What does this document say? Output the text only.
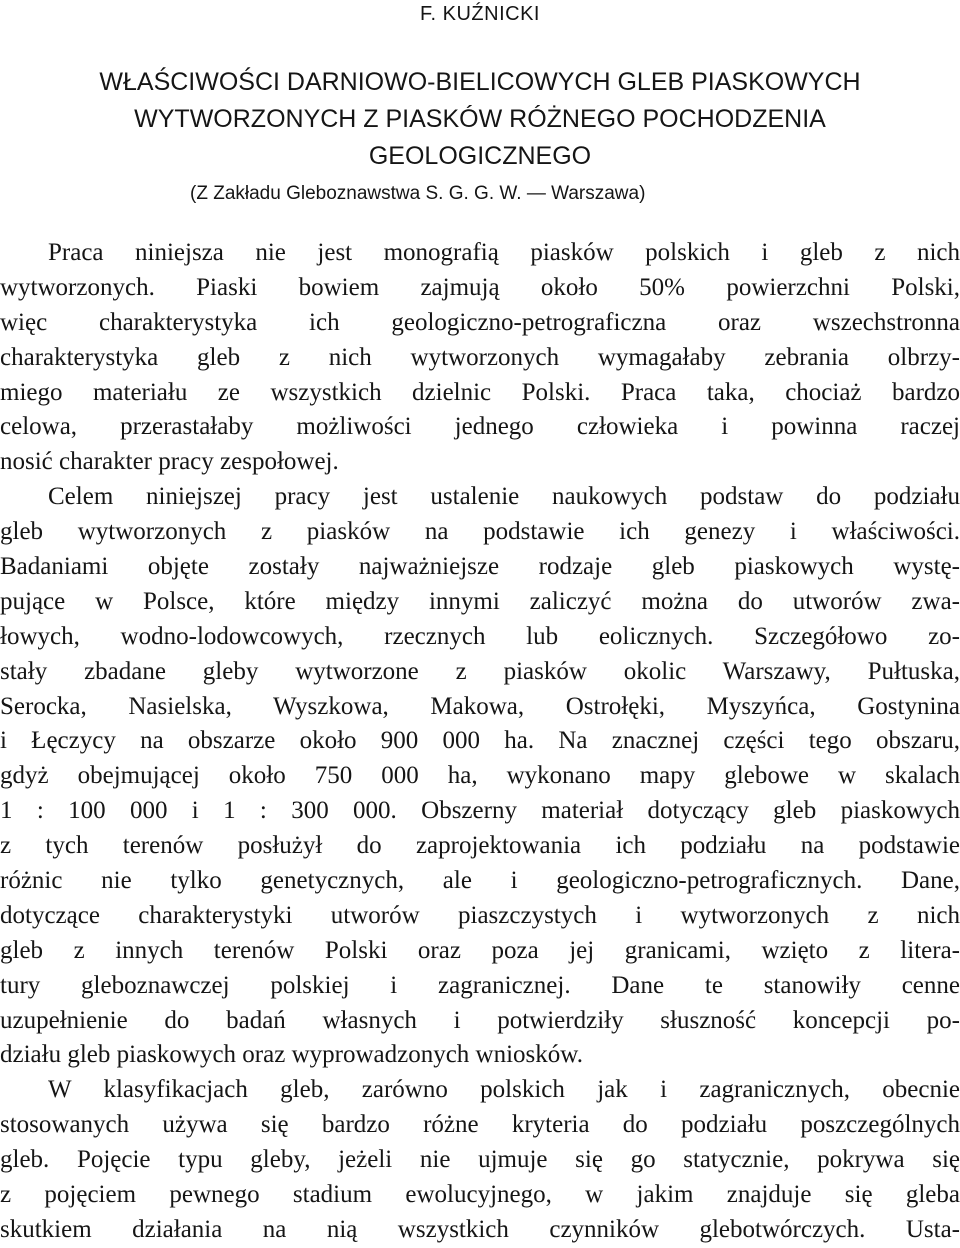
F. KUŹNICKI
WŁAŚCIWOŚCI DARNIOWO-BIELICOWYCH GLEB PIASKOWYCH
WYTWORZONYCH Z PIASKÓW RÓŻNEGO POCHODZENIA
GEOLOGICZNEGO
(Z Zakładu Gleboznawstwa S. G. G. W. — Warszawa)
Praca niniejsza nie jest monografią piasków polskich i gleb z nich
wytworzonych. Piaski bowiem zajmują około 50% powierzchni Polski,
więc charakterystyka ich geologiczno-petrograficzna oraz wszechstronna
charakterystyka gleb z nich wytworzonych wymagałaby zebrania olbrzy-
miego materiału ze wszystkich dzielnic Polski. Praca taka, chociaż bardzo
celowa, przerastałaby możliwości jednego człowieka i powinna raczej
nosić charakter pracy zespołowej.
Celem niniejszej pracy jest ustalenie naukowych podstaw do podziału
gleb wytworzonych z piasków na podstawie ich genezy i właściwości.
Badaniami objęte zostały najważniejsze rodzaje gleb piaskowych wystę-
pujące w Polsce, które między innymi zaliczyć można do utworów zwa-
łowych, wodno-lodowcowych, rzecznych lub eolicznych. Szczegółowo zo-
stały zbadane gleby wytworzone z piasków okolic Warszawy, Pułtuska,
Serocka, Nasielska, Wyszkowa, Makowa, Ostrołęki, Myszyńca, Gostynina
i Łęczycy na obszarze około 900 000 ha. Na znacznej części tego obszaru,
gdyż obejmującej około 750 000 ha, wykonano mapy glebowe w skalach
1 : 100 000 i 1 : 300 000. Obszerny materiał dotyczący gleb piaskowych
z tych terenów posłużył do zaprojektowania ich podziału na podstawie
różnic nie tylko genetycznych, ale i geologiczno-petrograficznych. Dane,
dotyczące charakterystyki utworów piaszczystych i wytworzonych z nich
gleb z innych terenów Polski oraz poza jej granicami, wzięto z litera-
tury gleboznawczej polskiej i zagranicznej. Dane te stanowiły cenne
uzupełnienie do badań własnych i potwierdziły słuszność koncepcji po-
działu gleb piaskowych oraz wyprowadzonych wniosków.
W klasyfikacjach gleb, zarówno polskich jak i zagranicznych, obecnie
stosowanych używa się bardzo różne kryteria do podziału poszczególnych
gleb. Pojęcie typu gleby, jeżeli nie ujmuje się go statycznie, pokrywa się
z pojęciem pewnego stadium ewolucyjnego, w jakim znajduje się gleba
skutkiem działania na nią wszystkich czynników glebotwórczych. Usta-
